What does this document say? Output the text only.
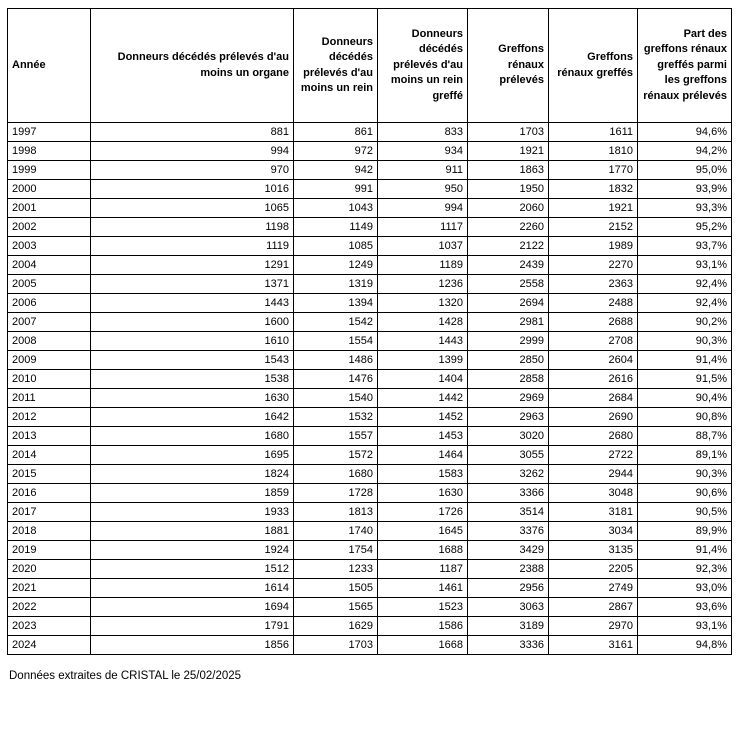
Année	Donneurs décédés prélevés d'au moins un organe	Donneurs décédés prélevés d'au moins un rein	Donneurs décédés prélevés d'au moins un rein greffé	Greffons rénaux prélevés	Greffons rénaux greffés	Part des greffons rénaux greffés parmi les greffons rénaux prélevés
1997	881	861	833	1703	1611	94,6%
1998	994	972	934	1921	1810	94,2%
1999	970	942	911	1863	1770	95,0%
2000	1016	991	950	1950	1832	93,9%
2001	1065	1043	994	2060	1921	93,3%
2002	1198	1149	1117	2260	2152	95,2%
2003	1119	1085	1037	2122	1989	93,7%
2004	1291	1249	1189	2439	2270	93,1%
2005	1371	1319	1236	2558	2363	92,4%
2006	1443	1394	1320	2694	2488	92,4%
2007	1600	1542	1428	2981	2688	90,2%
2008	1610	1554	1443	2999	2708	90,3%
2009	1543	1486	1399	2850	2604	91,4%
2010	1538	1476	1404	2858	2616	91,5%
2011	1630	1540	1442	2969	2684	90,4%
2012	1642	1532	1452	2963	2690	90,8%
2013	1680	1557	1453	3020	2680	88,7%
2014	1695	1572	1464	3055	2722	89,1%
2015	1824	1680	1583	3262	2944	90,3%
2016	1859	1728	1630	3366	3048	90,6%
2017	1933	1813	1726	3514	3181	90,5%
2018	1881	1740	1645	3376	3034	89,9%
2019	1924	1754	1688	3429	3135	91,4%
2020	1512	1233	1187	2388	2205	92,3%
2021	1614	1505	1461	2956	2749	93,0%
2022	1694	1565	1523	3063	2867	93,6%
2023	1791	1629	1586	3189	2970	93,1%
2024	1856	1703	1668	3336	3161	94,8%
Données extraites de CRISTAL le 25/02/2025
